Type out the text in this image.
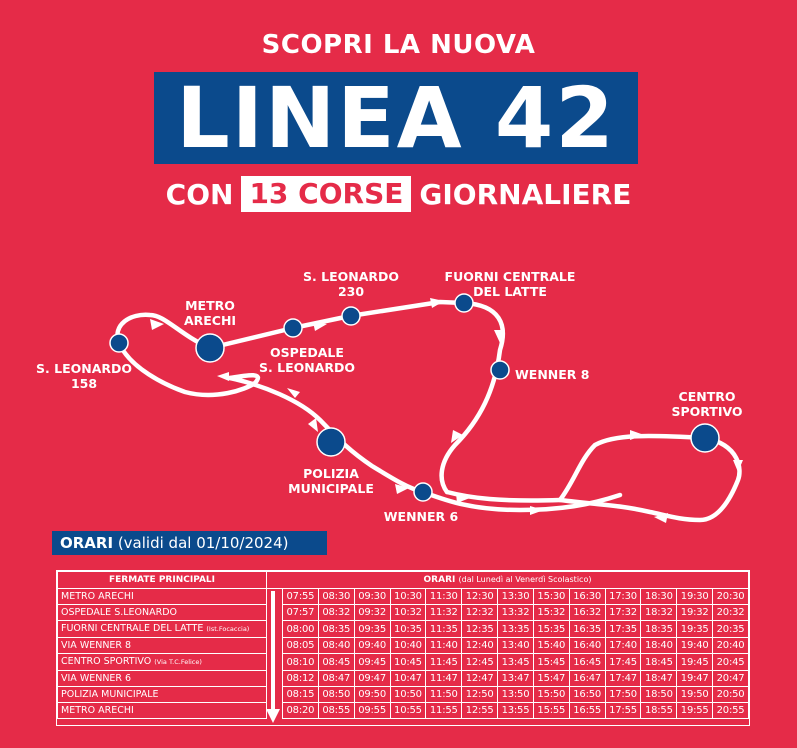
SCOPRI LA NUOVA
LINEA 42
CON 13 CORSE GIORNALIERE
S. LEONARDO
158
METRO
ARECHI
OSPEDALE
S. LEONARDO
S. LEONARDO
230
FUORNI CENTRALE
DEL LATTE
WENNER 8
CENTRO
SPORTIVO
POLIZIA
MUNICIPALE
WENNER 6
ORARI (validi dal 01/10/2024)
FERMATE PRINCIPALI	ORARI (dal Lunedì al Venerdì Scolastico)													
METRO ARECHI		07:55	08:30	09:30	10:30	11:30	12:30	13:30	15:30	16:30	17:30	18:30	19:30	20:30
OSPEDALE S.LEONARDO		07:57	08:32	09:32	10:32	11:32	12:32	13:32	15:32	16:32	17:32	18:32	19:32	20:32
FUORNI CENTRALE DEL LATTE (Ist.Focaccia)		08:00	08:35	09:35	10:35	11:35	12:35	13:35	15:35	16:35	17:35	18:35	19:35	20:35
VIA WENNER 8		08:05	08:40	09:40	10:40	11:40	12:40	13:40	15:40	16:40	17:40	18:40	19:40	20:40
CENTRO SPORTIVO (Via T.C.Felice)		08:10	08:45	09:45	10:45	11:45	12:45	13:45	15:45	16:45	17:45	18:45	19:45	20:45
VIA WENNER 6		08:12	08:47	09:47	10:47	11:47	12:47	13:47	15:47	16:47	17:47	18:47	19:47	20:47
POLIZIA MUNICIPALE		08:15	08:50	09:50	10:50	11:50	12:50	13:50	15:50	16:50	17:50	18:50	19:50	20:50
METRO ARECHI		08:20	08:55	09:55	10:55	11:55	12:55	13:55	15:55	16:55	17:55	18:55	19:55	20:55
